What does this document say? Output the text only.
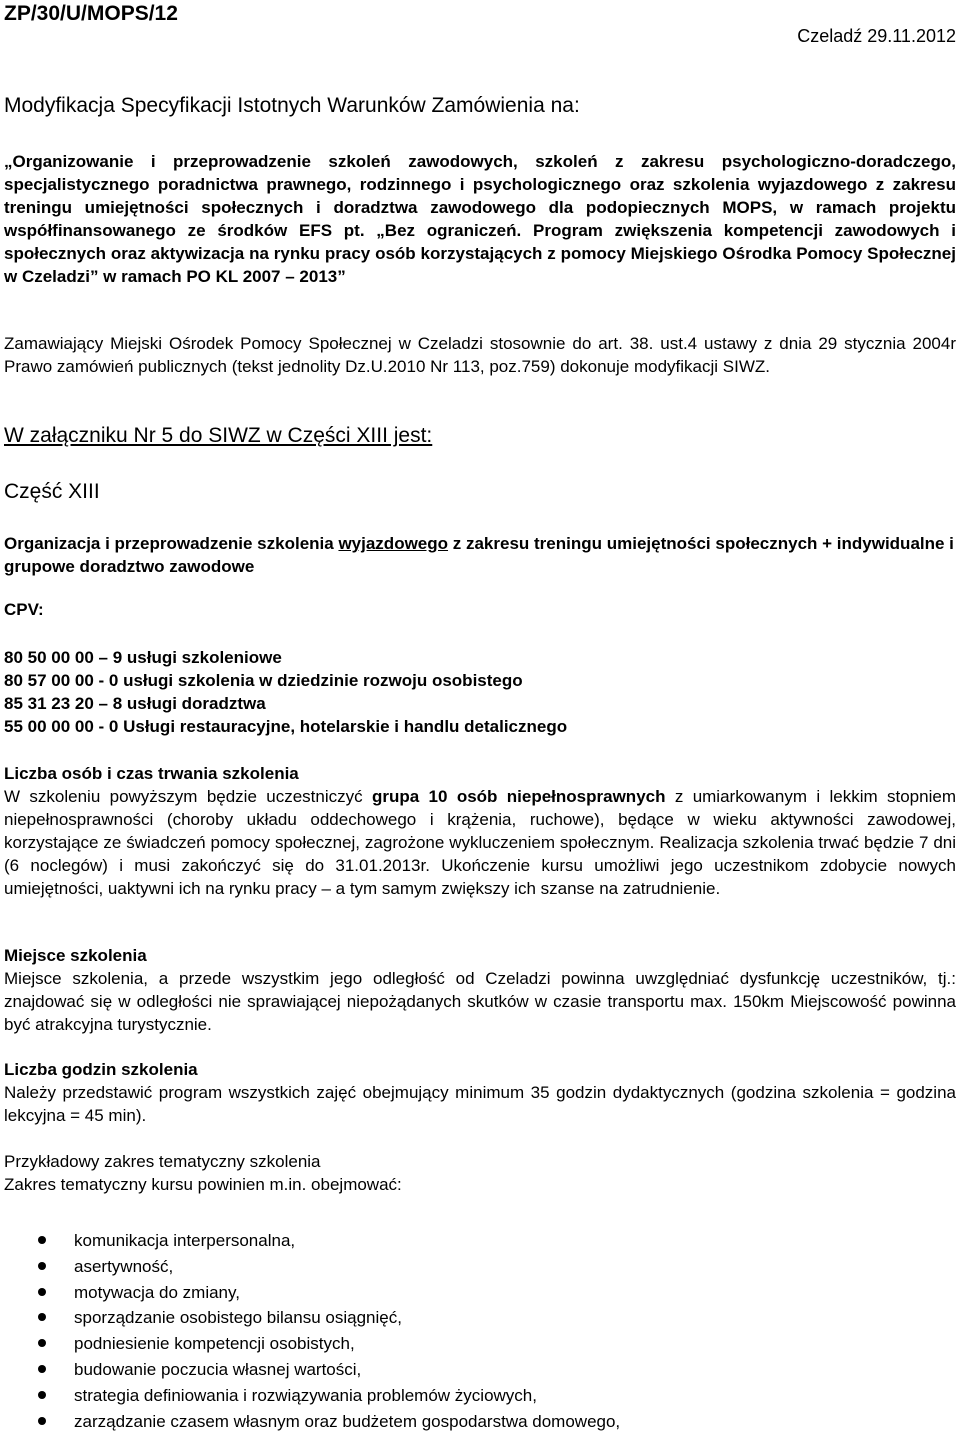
ZP/30/U/MOPS/12
Czeladź 29.11.2012
Modyfikacja Specyfikacji Istotnych Warunków Zamówienia na:
„Organizowanie i przeprowadzenie szkoleń zawodowych, szkoleń z zakresu psychologiczno-doradczego, specjalistycznego poradnictwa prawnego, rodzinnego i psychologicznego oraz szkolenia wyjazdowego z zakresu treningu umiejętności społecznych i doradztwa zawodowego dla podopiecznych MOPS, w ramach projektu współfinansowanego ze środków EFS pt. „Bez ograniczeń. Program zwiększenia kompetencji zawodowych i społecznych oraz aktywizacja na rynku pracy osób korzystających z pomocy Miejskiego Ośrodka Pomocy Społecznej w Czeladzi” w ramach PO KL 2007 – 2013”
Zamawiający Miejski Ośrodek Pomocy Społecznej w Czeladzi stosownie do art. 38. ust.4 ustawy z dnia 29 stycznia 2004r Prawo zamówień publicznych (tekst jednolity Dz.U.2010 Nr 113, poz.759) dokonuje modyfikacji SIWZ.
W załączniku Nr 5 do SIWZ w Części XIII jest:
Część XIII
Organizacja i przeprowadzenie szkolenia wyjazdowego z zakresu treningu umiejętności społecznych + indywidualne i grupowe doradztwo zawodowe
CPV:
80 50 00 00 – 9 usługi szkoleniowe
80 57 00 00 - 0 usługi szkolenia w dziedzinie rozwoju osobistego
85 31 23 20 – 8 usługi doradztwa
55 00 00 00 - 0 Usługi restauracyjne, hotelarskie i handlu detalicznego
Liczba osób i czas trwania szkolenia
W szkoleniu powyższym będzie uczestniczyć grupa 10 osób niepełnosprawnych z umiarkowanym i lekkim stopniem niepełnosprawności (choroby układu oddechowego i krążenia, ruchowe), będące w wieku aktywności zawodowej, korzystające ze świadczeń pomocy społecznej, zagrożone wykluczeniem społecznym. Realizacja szkolenia trwać będzie 7 dni (6 noclegów) i musi zakończyć się do 31.01.2013r. Ukończenie kursu umożliwi jego uczestnikom zdobycie nowych umiejętności, uaktywni ich na rynku pracy – a tym samym zwiększy ich szanse na zatrudnienie.
Miejsce szkolenia
Miejsce szkolenia, a przede wszystkim jego odległość od Czeladzi powinna uwzględniać dysfunkcję uczestników, tj.: znajdować się w odległości nie sprawiającej niepożądanych skutków w czasie transportu max. 150km Miejscowość powinna być atrakcyjna turystycznie.
Liczba godzin szkolenia
Należy przedstawić program wszystkich zajęć obejmujący minimum 35 godzin dydaktycznych (godzina szkolenia = godzina lekcyjna = 45 min).
Przykładowy zakres tematyczny szkolenia
Zakres tematyczny kursu powinien m.in. obejmować:
komunikacja interpersonalna,
asertywność,
motywacja do zmiany,
sporządzanie osobistego bilansu osiągnięć,
podniesienie kompetencji osobistych,
budowanie poczucia własnej wartości,
strategia definiowania i rozwiązywania problemów życiowych,
zarządzanie czasem własnym oraz budżetem gospodarstwa domowego,
